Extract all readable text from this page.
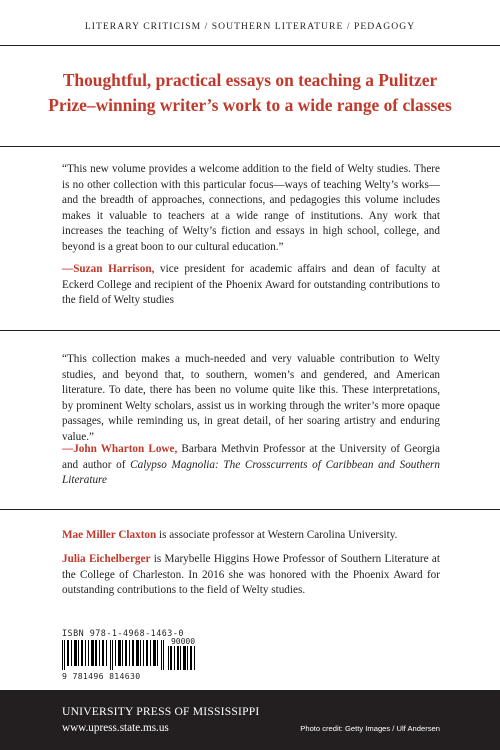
LITERARY CRITICISM / SOUTHERN LITERATURE / PEDAGOGY
Thoughtful, practical essays on teaching a Pulitzer Prize–winning writer’s work to a wide range of classes
“This new volume provides a welcome addition to the field of Welty studies. There is no other collection with this particular focus—ways of teaching Welty’s works—and the breadth of approaches, connections, and pedagogies this volume includes makes it valuable to teachers at a wide range of institutions. Any work that increases the teaching of Welty’s fiction and essays in high school, college, and beyond is a great boon to our cultural education.”
—Suzan Harrison, vice president for academic affairs and dean of faculty at Eckerd College and recipient of the Phoenix Award for outstanding contributions to the field of Welty studies
“This collection makes a much-needed and very valuable contribution to Welty studies, and beyond that, to southern, women’s and gendered, and American literature. To date, there has been no volume quite like this. These interpretations, by prominent Welty scholars, assist us in working through the writer’s more opaque passages, while reminding us, in great detail, of her soaring artistry and enduring value.”
—John Wharton Lowe, Barbara Methvin Professor at the University of Georgia and author of Calypso Magnolia: The Crosscurrents of Caribbean and Southern Literature
Mae Miller Claxton is associate professor at Western Carolina University.
Julia Eichelberger is Marybelle Higgins Howe Professor of Southern Literature at the College of Charleston. In 2016 she was honored with the Phoenix Award for outstanding contributions to the field of Welty studies.
ISBN 978-1-4968-1463-0
90000
9 781496 814630
UNIVERSITY PRESS OF MISSISSIPPI
www.upress.state.ms.us	Photo credit: Getty Images / Ulf Andersen
